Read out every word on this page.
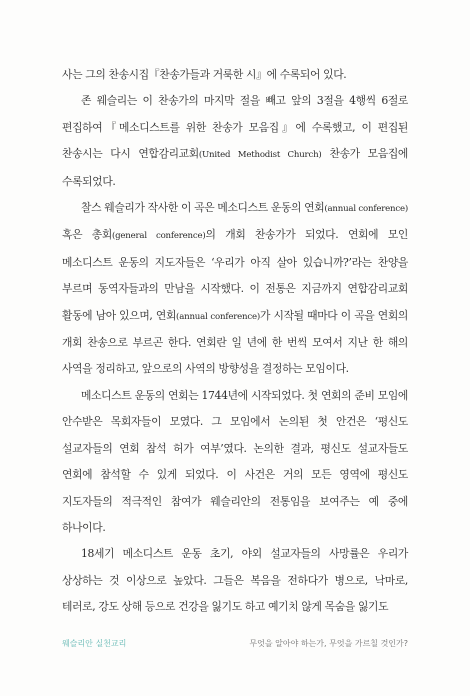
사는 그의 찬송시집『찬송가들과 거룩한 시』에 수록되어 있다.

존 웨슬리는 이 찬송가의 마지막 절을 빼고 앞의 3절을 4행씩 6절로 편집하여『메소디스트를 위한 찬송가 모음집』에 수록했고, 이 편집된 찬송시는 다시 연합감리교회(United Methodist Church) 찬송가 모음집에 수록되었다.

찰스 웨슬리가 작사한 이 곡은 메소디스트 운동의 연회(annual conference) 혹은 총회(general conference)의 개회 찬송가가 되었다. 연회에 모인 메소디스트 운동의 지도자들은 ‘우리가 아직 살아 있습니까?’라는 찬양을 부르며 동역자들과의 만남을 시작했다. 이 전통은 지금까지 연합감리교회 활동에 남아 있으며, 연회(annual conference)가 시작될 때마다 이 곡을 연회의 개회 찬송으로 부르곤 한다. 연회란 일 년에 한 번씩 모여서 지난 한 해의 사역을 정리하고, 앞으로의 사역의 방향성을 결정하는 모임이다.

메소디스트 운동의 연회는 1744년에 시작되었다. 첫 연회의 준비 모임에 안수받은 목회자들이 모였다. 그 모임에서 논의된 첫 안건은 ‘평신도 설교자들의 연회 참석 허가 여부’였다. 논의한 결과, 평신도 설교자들도 연회에 참석할 수 있게 되었다. 이 사건은 거의 모든 영역에 평신도 지도자들의 적극적인 참여가 웨슬리안의 전통임을 보여주는 예 중에 하나이다.

18세기 메소디스트 운동 초기, 야외 설교자들의 사망률은 우리가 상상하는 것 이상으로 높았다. 그들은 복음을 전하다가 병으로, 낙마로, 테러로, 강도 상해 등으로 건강을 잃기도 하고 예기치 않게 목숨을 잃기도

웨슬리안 실천교리	무엇을 알아야 하는가, 무엇을 가르칠 것인가?
